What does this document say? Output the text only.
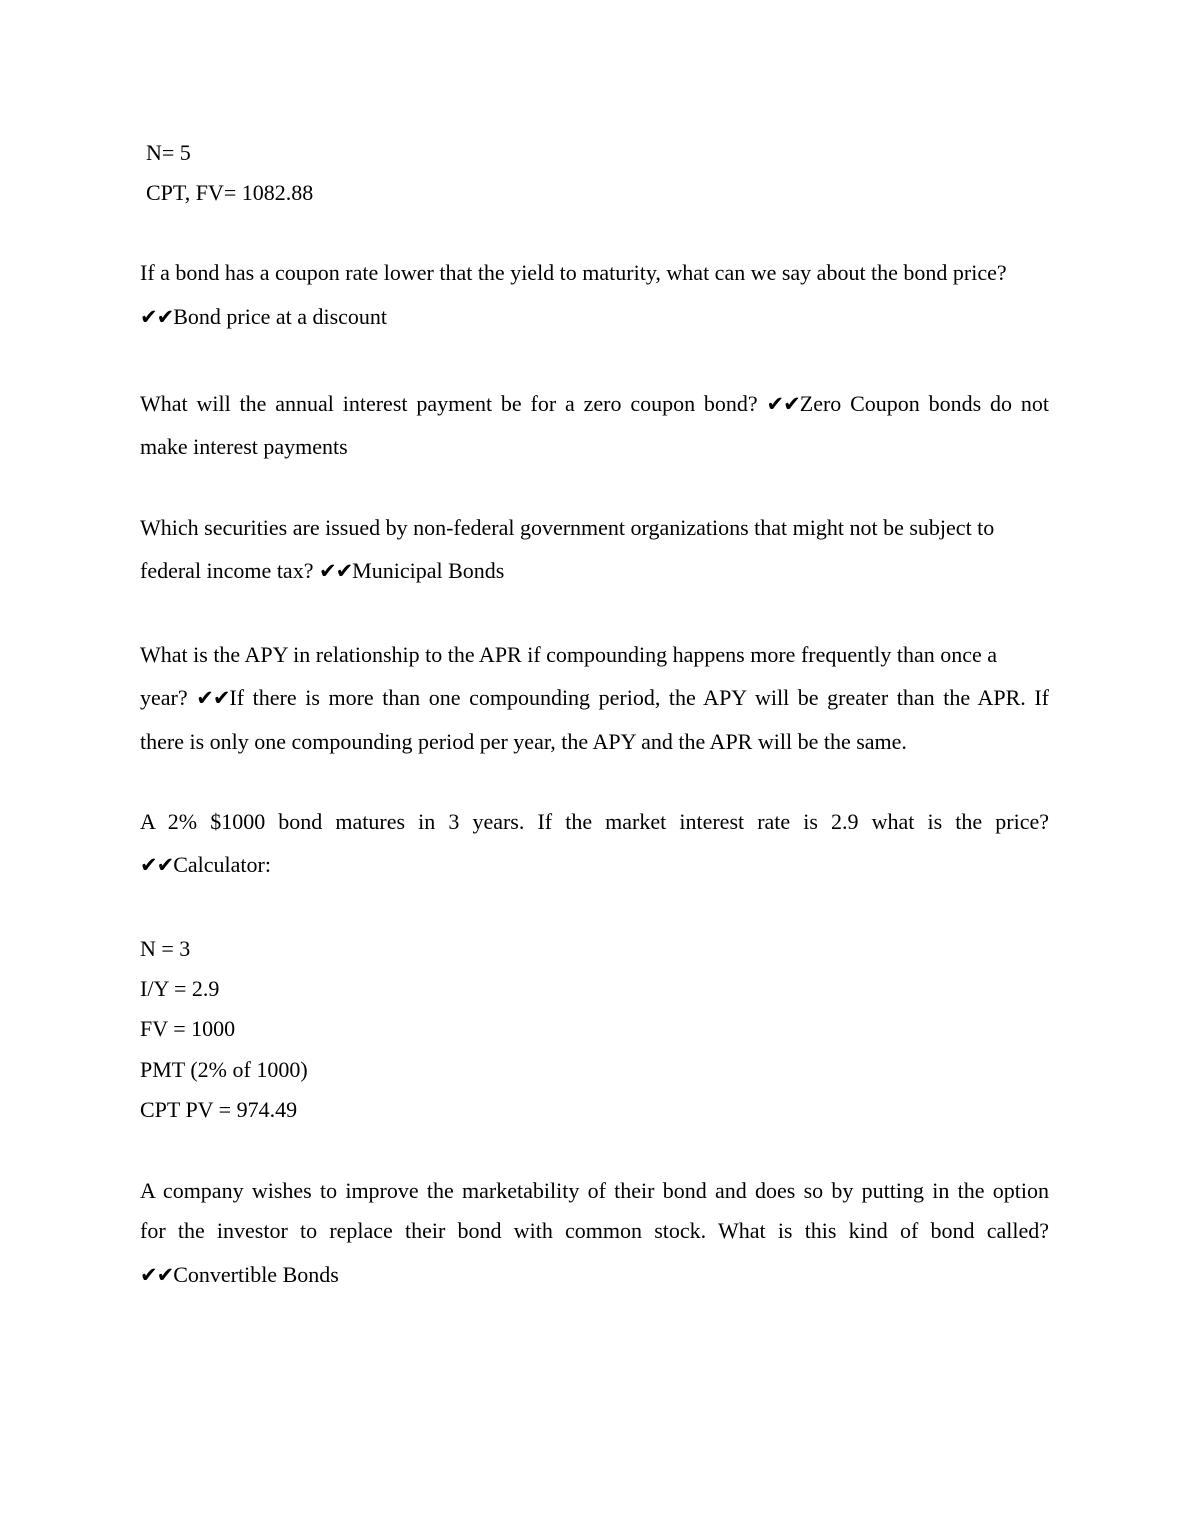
N= 5

CPT, FV= 1082.88

If a bond has a coupon rate lower that the yield to maturity, what can we say about the bond price?

✔✔Bond price at a discount

What will the annual interest payment be for a zero coupon bond? ✔✔Zero Coupon bonds do not

make interest payments

Which securities are issued by non-federal government organizations that might not be subject to

federal income tax? ✔✔Municipal Bonds

What is the APY in relationship to the APR if compounding happens more frequently than once a

year? ✔✔If there is more than one compounding period, the APY will be greater than the APR. If

there is only one compounding period per year, the APY and the APR will be the same.

A 2% $1000 bond matures in 3 years. If the market interest rate is 2.9 what is the price?

✔✔Calculator:

N = 3

I/Y = 2.9

FV = 1000

PMT (2% of 1000)

CPT PV = 974.49

A company wishes to improve the marketability of their bond and does so by putting in the option

for the investor to replace their bond with common stock. What is this kind of bond called?

✔✔Convertible Bonds
